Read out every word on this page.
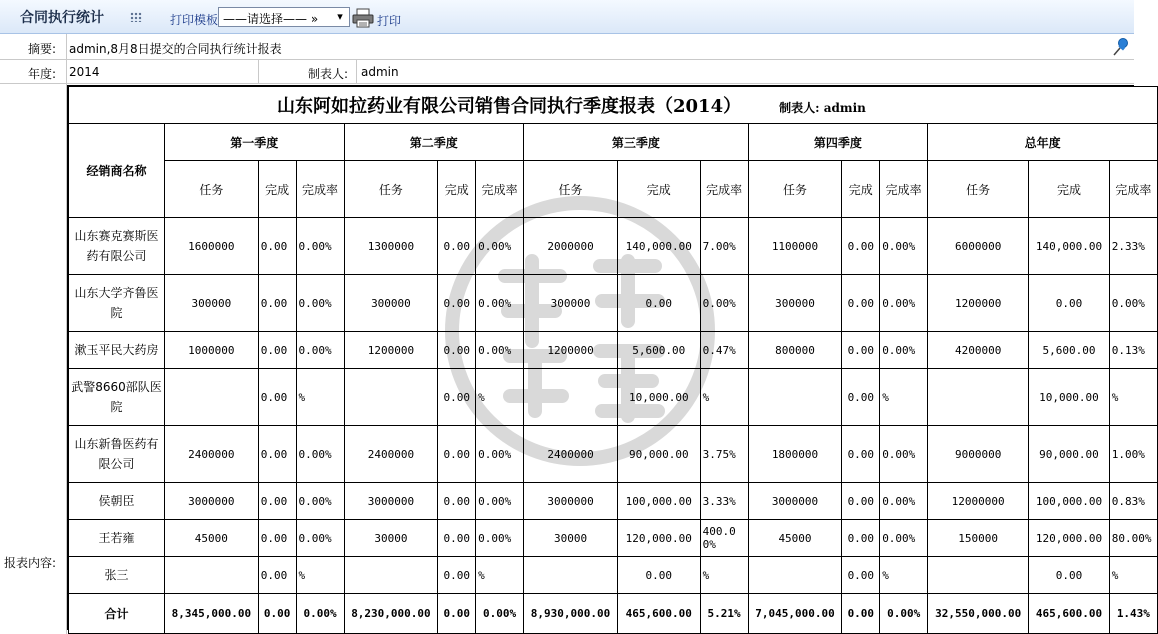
合同执行统计	打印模板 ——请选择—— »	▾	打印
摘要: admin,8月8日提交的合同执行统计报表
年度: 2014	制表人: admin
报表内容:
山东阿如拉药业有限公司销售合同执行季度报表（2014） 制表人: admin															
经销商名称	第一季度			第二季度			第三季度			第四季度			总年度		
	任务	完成	完成率	任务	完成	完成率	任务	完成	完成率	任务	完成	完成率	任务	完成	完成率
山东赛克赛斯医药有限公司	1600000	0.00	0.00%	1300000	0.00	0.00%	2000000	140,000.00	7.00%	1100000	0.00	0.00%	6000000	140,000.00	2.33%
山东大学齐鲁医院	300000	0.00	0.00%	300000	0.00	0.00%	300000	0.00	0.00%	300000	0.00	0.00%	1200000	0.00	0.00%
漱玉平民大药房	1000000	0.00	0.00%	1200000	0.00	0.00%	1200000	5,600.00	0.47%	800000	0.00	0.00%	4200000	5,600.00	0.13%
武警8660部队医院		0.00	%		0.00	%		10,000.00	%		0.00	%		10,000.00	%
山东新鲁医药有限公司	2400000	0.00	0.00%	2400000	0.00	0.00%	2400000	90,000.00	3.75%	1800000	0.00	0.00%	9000000	90,000.00	1.00%
侯朝臣	3000000	0.00	0.00%	3000000	0.00	0.00%	3000000	100,000.00	3.33%	3000000	0.00	0.00%	12000000	100,000.00	0.83%
王若雍	45000	0.00	0.00%	30000	0.00	0.00%	30000	120,000.00	400.00%	45000	0.00	0.00%	150000	120,000.00	80.00%
张三		0.00	%		0.00	%		0.00	%		0.00	%		0.00	%
合计	8,345,000.00	0.00	0.00%	8,230,000.00	0.00	0.00%	8,930,000.00	465,600.00	5.21%	7,045,000.00	0.00	0.00%	32,550,000.00	465,600.00	1.43%
